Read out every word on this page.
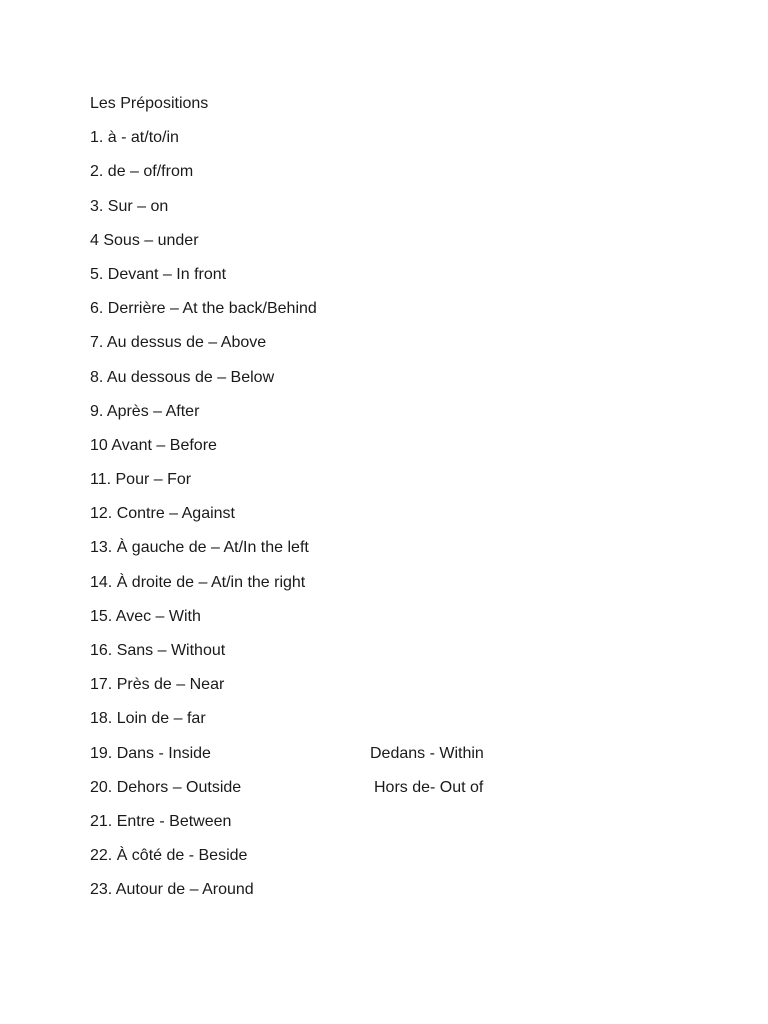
Les Prépositions
1. à - at/to/in
2. de – of/from
3. Sur – on
4 Sous – under
5. Devant – In front
6. Derrière – At the back/Behind
7. Au dessus de – Above
8. Au dessous de – Below
9. Après – After
10 Avant – Before
11. Pour – For
12. Contre – Against
13. À gauche de – At/In the left
14. À droite de – At/in the right
15. Avec – With
16. Sans – Without
17. Près de – Near
18. Loin de – far
19. Dans - Inside	Dedans - Within
20. Dehors – Outside	Hors de- Out of
21. Entre - Between
22. À côté de - Beside
23. Autour de – Around
